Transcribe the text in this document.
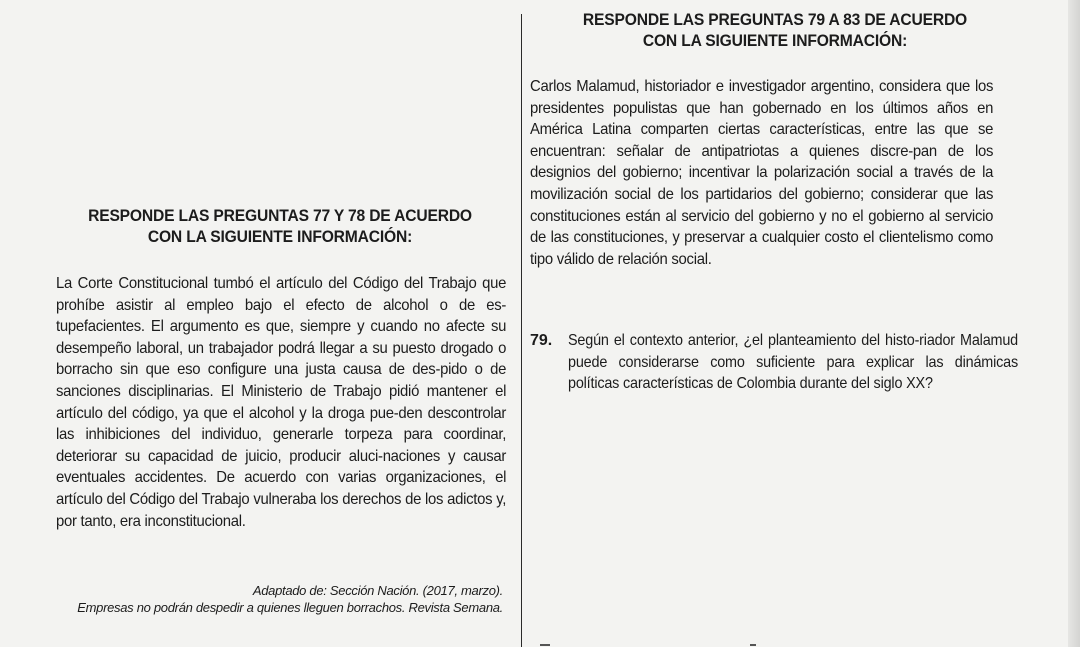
RESPONDE LAS PREGUNTAS 77 Y 78 DE ACUERDO
CON LA SIGUIENTE INFORMACIÓN:
La Corte Constitucional tumbó el artículo del Código del Trabajo que prohíbe asistir al empleo bajo el efecto de alcohol o de es-tupefacientes. El argumento es que, siempre y cuando no afecte su desempeño laboral, un trabajador podrá llegar a su puesto drogado o borracho sin que eso configure una justa causa de des-pido o de sanciones disciplinarias. El Ministerio de Trabajo pidió mantener el artículo del código, ya que el alcohol y la droga pue-den descontrolar las inhibiciones del individuo, generarle torpeza para coordinar, deteriorar su capacidad de juicio, producir aluci-naciones y causar eventuales accidentes. De acuerdo con varias organizaciones, el artículo del Código del Trabajo vulneraba los derechos de los adictos y, por tanto, era inconstitucional.
Adaptado de: Sección Nación. (2017, marzo).
Empresas no podrán despedir a quienes lleguen borrachos. Revista Semana.
RESPONDE LAS PREGUNTAS 79 A 83 DE ACUERDO
CON LA SIGUIENTE INFORMACIÓN:
Carlos Malamud, historiador e investigador argentino, considera que los presidentes populistas que han gobernado en los últimos años en América Latina comparten ciertas características, entre las que se encuentran: señalar de antipatriotas a quienes discre-pan de los designios del gobierno; incentivar la polarización social a través de la movilización social de los partidarios del gobierno; considerar que las constituciones están al servicio del gobierno y no el gobierno al servicio de las constituciones, y preservar a cualquier costo el clientelismo como tipo válido de relación social.
79. Según el contexto anterior, ¿el planteamiento del histo-riador Malamud puede considerarse como suficiente para explicar las dinámicas políticas características de Colombia durante del siglo XX?
